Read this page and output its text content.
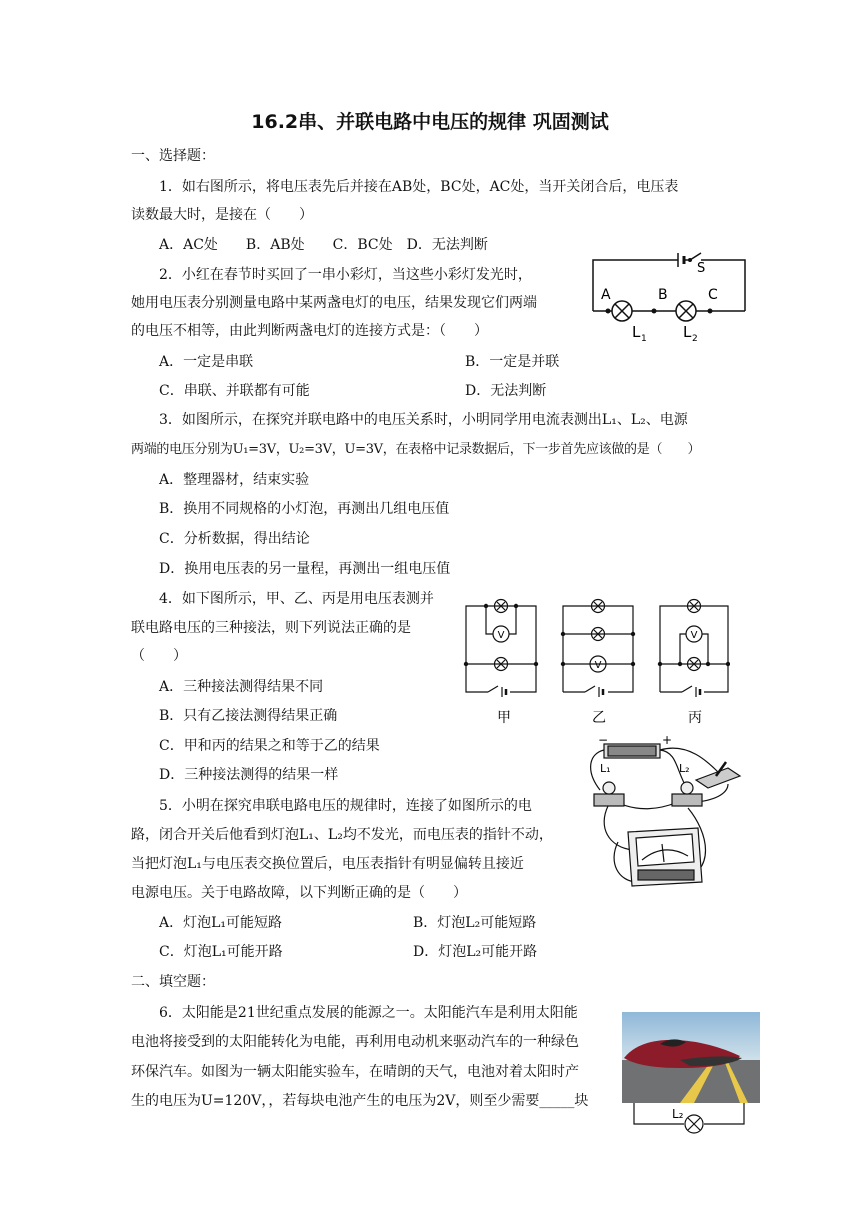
16.2串、并联电路中电压的规律 巩固测试
一、选择题：
1．如右图所示，将电压表先后并接在AB处，BC处，AC处，当开关闭合后，电压表
读数最大时，是接在（　　）
A．AC处　　B．AB处　　C．BC处　D．无法判断
2．小红在春节时买回了一串小彩灯，当这些小彩灯发光时，
她用电压表分别测量电路中某两盏电灯的电压，结果发现它们两端
的电压不相等，由此判断两盏电灯的连接方式是：（　　）
A．一定是串联	B．一定是并联
C．串联、并联都有可能	D．无法判断
3．如图所示，在探究并联电路中的电压关系时，小明同学用电流表测出L₁、L₂、电源
两端的电压分别为U₁=3V，U₂=3V，U=3V，在表格中记录数据后，下一步首先应该做的是（　　）
A．整理器材，结束实验
B．换用不同规格的小灯泡，再测出几组电压值
C．分析数据，得出结论
D．换用电压表的另一量程，再测出一组电压值
4．如下图所示，甲、乙、丙是用电压表测并
联电路电压的三种接法，则下列说法正确的是
（　　）
A．三种接法测得结果不同
B．只有乙接法测得结果正确
C．甲和丙的结果之和等于乙的结果
D．三种接法测得的结果一样
5．小明在探究串联电路电压的规律时，连接了如图所示的电
路，闭合开关后他看到灯泡L₁、L₂均不发光，而电压表的指针不动，
当把灯泡L₁与电压表交换位置后，电压表指针有明显偏转且接近
电源电压。关于电路故障，以下判断正确的是（　　）
A．灯泡L₁可能短路	B．灯泡L₂可能短路
C．灯泡L₁可能开路	D．灯泡L₂可能开路
二、填空题：
6．太阳能是21世纪重点发展的能源之一。太阳能汽车是利用太阳能
电池将接受到的太阳能转化为电能，再利用电动机来驱动汽车的一种绿色
环保汽车。如图为一辆太阳能实验车，在晴朗的天气，电池对着太阳时产
生的电压为U=120V，，若每块电池产生的电压为2V，则至少需要_____块
A	B	C
S
L 1 L 2
V
V
V
甲	乙	丙
L₁	L₂
−	+
L₂
